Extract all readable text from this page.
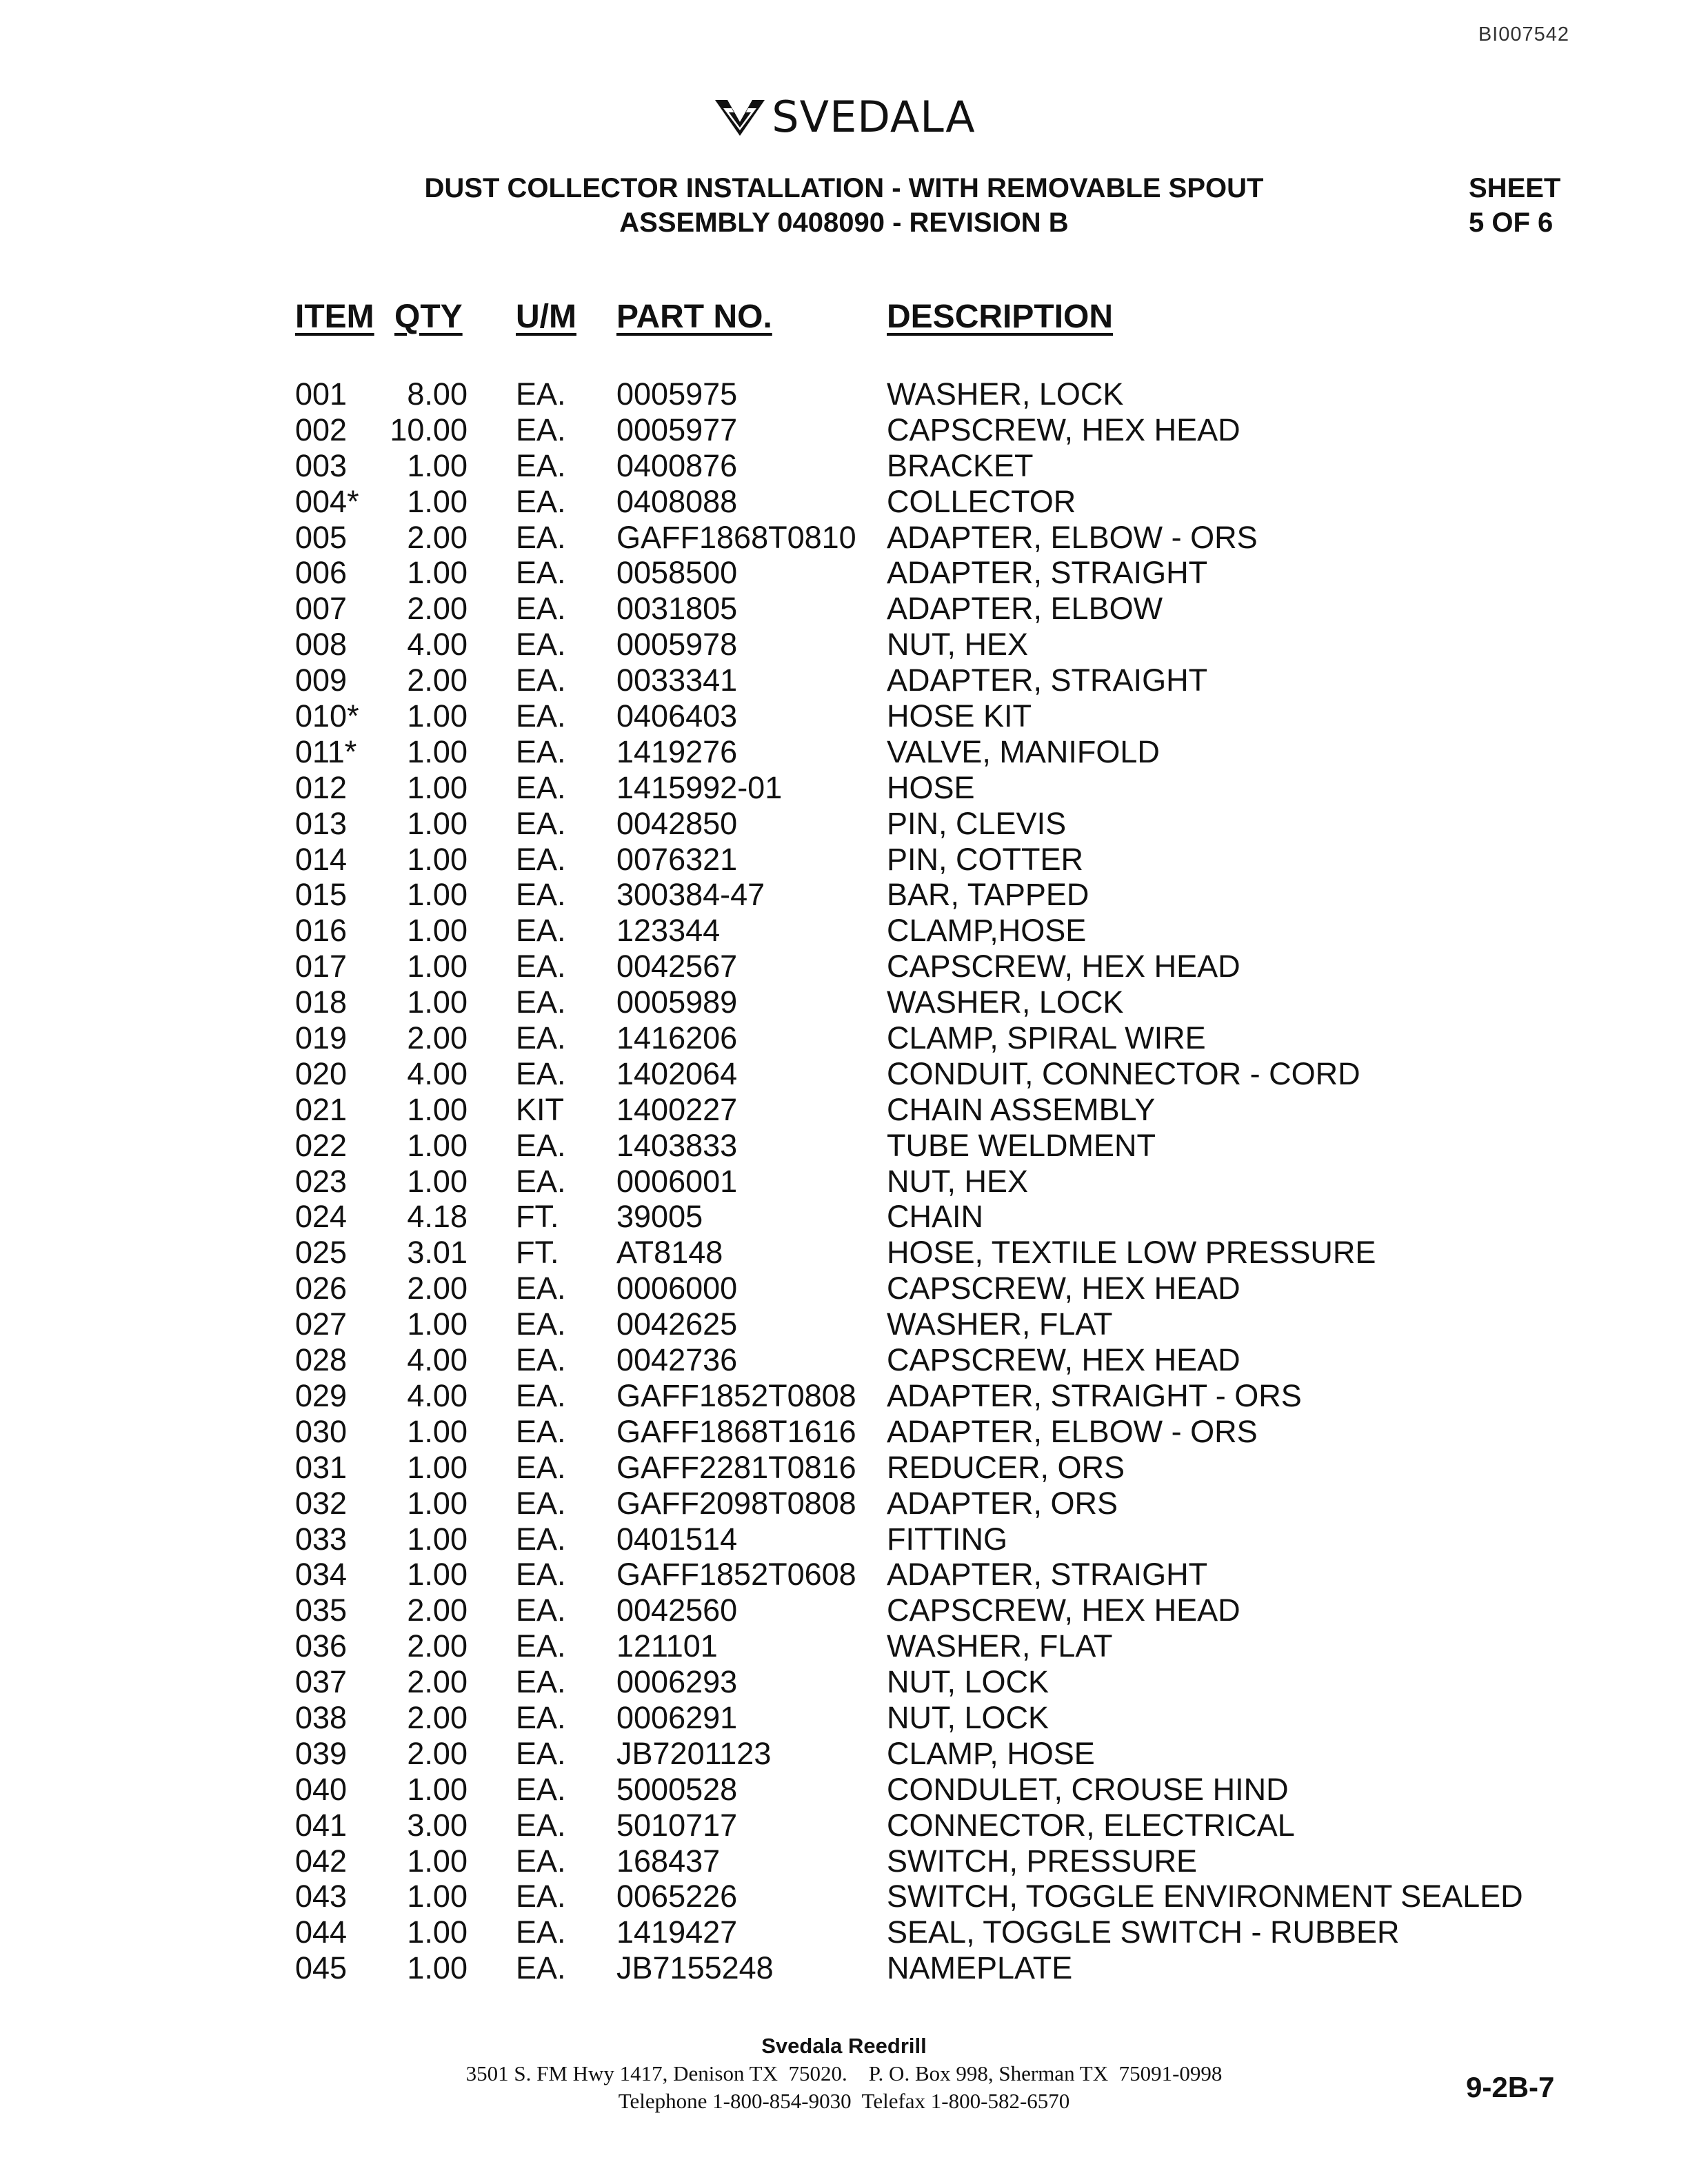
BI007542
SVEDALA
DUST COLLECTOR INSTALLATION - WITH REMOVABLE SPOUT
ASSEMBLY 0408090 - REVISION B
SHEET
5 OF 6
ITEM QTY U/M PART NO.	DESCRIPTION
001	8.00 EA. 0005975	WASHER, LOCK
002 10.00 EA. 0005977	CAPSCREW, HEX HEAD
003	1.00 EA. 0400876	BRACKET
004*	1.00 EA. 0408088	COLLECTOR
005	2.00 EA. GAFF1868T0810 ADAPTER, ELBOW - ORS
006	1.00 EA. 0058500	ADAPTER, STRAIGHT
007	2.00 EA. 0031805	ADAPTER, ELBOW
008	4.00 EA. 0005978	NUT, HEX
009	2.00 EA. 0033341	ADAPTER, STRAIGHT
010*	1.00 EA. 0406403	HOSE KIT
011*	1.00 EA. 1419276	VALVE, MANIFOLD
012	1.00 EA. 1415992-01	HOSE
013	1.00 EA. 0042850	PIN, CLEVIS
014	1.00 EA. 0076321	PIN, COTTER
015	1.00 EA. 300384-47	BAR, TAPPED
016	1.00 EA. 123344	CLAMP,HOSE
017	1.00 EA. 0042567	CAPSCREW, HEX HEAD
018	1.00 EA. 0005989	WASHER, LOCK
019	2.00 EA. 1416206	CLAMP, SPIRAL WIRE
020	4.00 EA. 1402064	CONDUIT, CONNECTOR - CORD
021	1.00 KIT 1400227	CHAIN ASSEMBLY
022	1.00 EA. 1403833	TUBE WELDMENT
023	1.00 EA. 0006001	NUT, HEX
024	4.18 FT. 39005	CHAIN
025	3.01 FT. AT8148	HOSE, TEXTILE LOW PRESSURE
026	2.00 EA. 0006000	CAPSCREW, HEX HEAD
027	1.00 EA. 0042625	WASHER, FLAT
028	4.00 EA. 0042736	CAPSCREW, HEX HEAD
029	4.00 EA. GAFF1852T0808 ADAPTER, STRAIGHT - ORS
030	1.00 EA. GAFF1868T1616 ADAPTER, ELBOW - ORS
031	1.00 EA. GAFF2281T0816 REDUCER, ORS
032	1.00 EA. GAFF2098T0808 ADAPTER, ORS
033	1.00 EA. 0401514	FITTING
034	1.00 EA. GAFF1852T0608 ADAPTER, STRAIGHT
035	2.00 EA. 0042560	CAPSCREW, HEX HEAD
036	2.00 EA. 121101	WASHER, FLAT
037	2.00 EA. 0006293	NUT, LOCK
038	2.00 EA. 0006291	NUT, LOCK
039	2.00 EA. JB7201123	CLAMP, HOSE
040	1.00 EA. 5000528	CONDULET, CROUSE HIND
041	3.00 EA. 5010717	CONNECTOR, ELECTRICAL
042	1.00 EA. 168437	SWITCH, PRESSURE
043	1.00 EA. 0065226	SWITCH, TOGGLE ENVIRONMENT SEALED
044	1.00 EA. 1419427	SEAL, TOGGLE SWITCH - RUBBER
045	1.00 EA. JB7155248	NAMEPLATE
Svedala Reedrill
3501 S. FM Hwy 1417, Denison TX  75020.    P. O. Box 998, Sherman TX  75091-0998
Telephone 1-800-854-9030  Telefax 1-800-582-6570	9-2B-7
